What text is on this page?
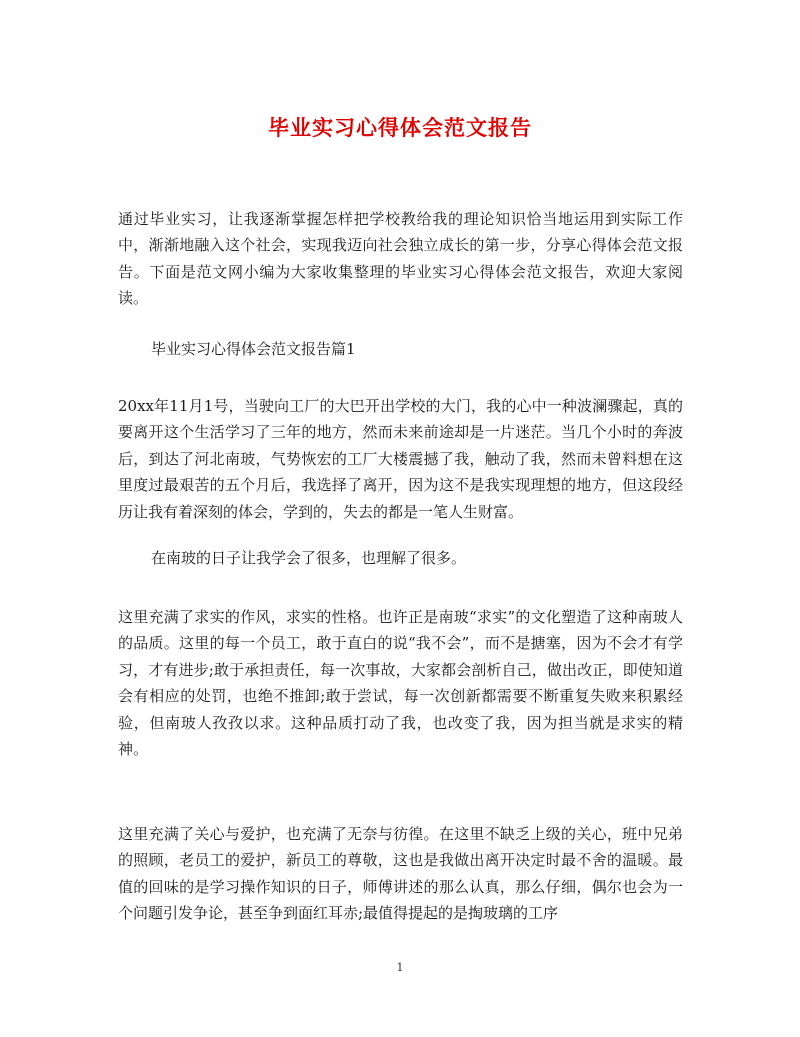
毕业实习心得体会范文报告

通过毕业实习，让我逐渐掌握怎样把学校教给我的理论知识恰当地运用到实际工作中，渐渐地融入这个社会，实现我迈向社会独立成长的第一步，分享心得体会范文报告。下面是范文网小编为大家收集整理的毕业实习心得体会范文报告，欢迎大家阅读。

毕业实习心得体会范文报告篇1

20xx年11月1号，当驶向工厂的大巴开出学校的大门，我的心中一种波澜骤起，真的要离开这个生活学习了三年的地方，然而未来前途却是一片迷茫。当几个小时的奔波后，到达了河北南玻，气势恢宏的工厂大楼震撼了我，触动了我，然而未曾料想在这里度过最艰苦的五个月后，我选择了离开，因为这不是我实现理想的地方，但这段经历让我有着深刻的体会，学到的，失去的都是一笔人生财富。

在南玻的日子让我学会了很多，也理解了很多。

这里充满了求实的作风，求实的性格。也许正是南玻“求实”的文化塑造了这种南玻人的品质。这里的每一个员工，敢于直白的说“我不会”，而不是搪塞，因为不会才有学习，才有进步;敢于承担责任，每一次事故，大家都会剖析自己，做出改正，即使知道会有相应的处罚，也绝不推卸;敢于尝试，每一次创新都需要不断重复失败来积累经验，但南玻人孜孜以求。这种品质打动了我，也改变了我，因为担当就是求实的精神。

这里充满了关心与爱护，也充满了无奈与彷徨。在这里不缺乏上级的关心，班中兄弟的照顾，老员工的爱护，新员工的尊敬，这也是我做出离开决定时最不舍的温暖。最值的回味的是学习操作知识的日子，师傅讲述的那么认真，那么仔细，偶尔也会为一个问题引发争论，甚至争到面红耳赤;最值得提起的是掏玻璃的工序

1
